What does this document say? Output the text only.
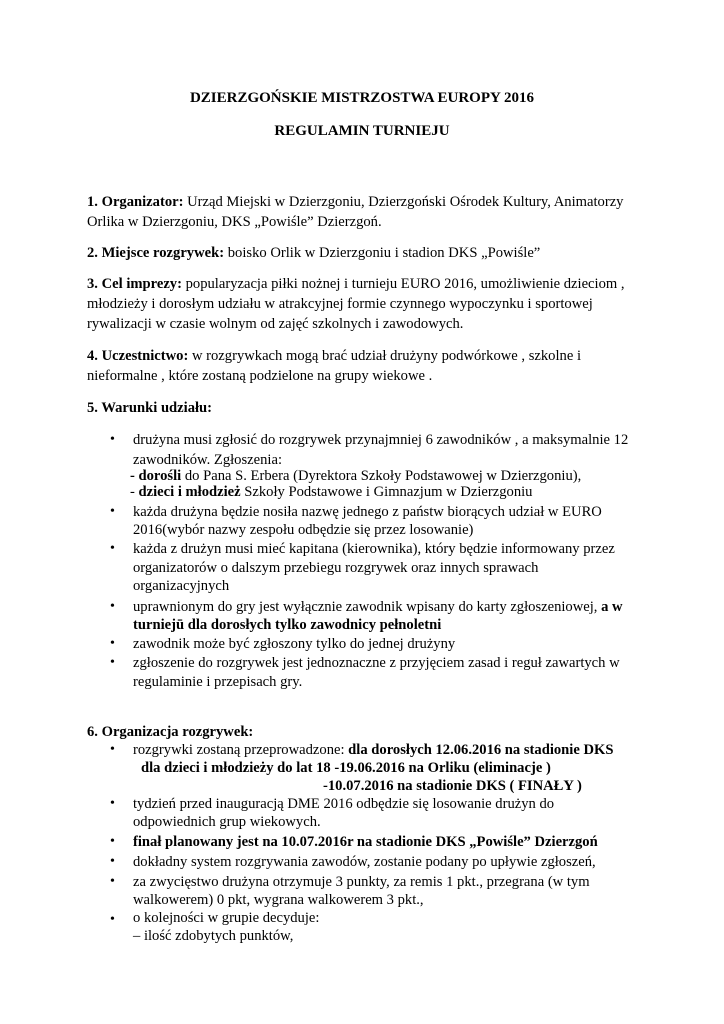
DZIERZGOŃSKIE MISTRZOSTWA EUROPY 2016
REGULAMIN TURNIEJU
1. Organizator: Urząd Miejski w Dzierzgoniu, Dzierzgoński Ośrodek Kultury, Animatorzy
Orlika w Dzierzgoniu, DKS „Powiśle” Dzierzgoń.
2. Miejsce rozgrywek: boisko Orlik w Dzierzgoniu i stadion DKS „Powiśle”
3. Cel imprezy: popularyzacja piłki nożnej i turnieju EURO 2016, umożliwienie dzieciom ,
młodzieży i dorosłym udziału w atrakcyjnej formie czynnego wypoczynku i sportowej
rywalizacji w czasie wolnym od zajęć szkolnych i zawodowych.
4. Uczestnictwo: w rozgrywkach mogą brać udział drużyny podwórkowe , szkolne i
nieformalne , które zostaną podzielone na grupy wiekowe .
5. Warunki udziału:
• drużyna musi zgłosić do rozgrywek przynajmniej 6 zawodników , a maksymalnie 12
zawodników. Zgłoszenia:
- dorośli do Pana S. Erbera (Dyrektora Szkoły Podstawowej w Dzierzgoniu),
- dzieci i młodzież Szkoły Podstawowe i Gimnazjum w Dzierzgoniu
• każda drużyna będzie nosiła nazwę jednego z państw biorących udział w EURO
2016(wybór nazwy zespołu odbędzie się przez losowanie)
• każda z drużyn musi mieć kapitana (kierownika), który będzie informowany przez
organizatorów o dalszym przebiegu rozgrywek oraz innych sprawach
organizacyjnych
• uprawnionym do gry jest wyłącznie zawodnik wpisany do karty zgłoszeniowej, a w
turniejū dla dorosłych tylko zawodnicy pełnoletni
• zawodnik może być zgłoszony tylko do jednej drużyny
• zgłoszenie do rozgrywek jest jednoznaczne z przyjęciem zasad i reguł zawartych w
regulaminie i przepisach gry.
6. Organizacja rozgrywek:
• rozgrywki zostaną przeprowadzone: dla dorosłych 12.06.2016 na stadionie DKS
dla dzieci i młodzieży do lat 18 -19.06.2016 na Orliku (eliminacje )
-10.07.2016 na stadionie DKS ( FINAŁY )
• tydzień przed inauguracją DME 2016 odbędzie się losowanie drużyn do
odpowiednich grup wiekowych.
• finał planowany jest na 10.07.2016r na stadionie DKS „Powiśle” Dzierzgoń
• dokładny system rozgrywania zawodów, zostanie podany po upływie zgłoszeń,
• za zwycięstwo drużyna otrzymuje 3 punkty, za remis 1 pkt., przegrana (w tym
walkowerem) 0 pkt, wygrana walkowerem 3 pkt.,
• o kolejności w grupie decyduje:
– ilość zdobytych punktów,
